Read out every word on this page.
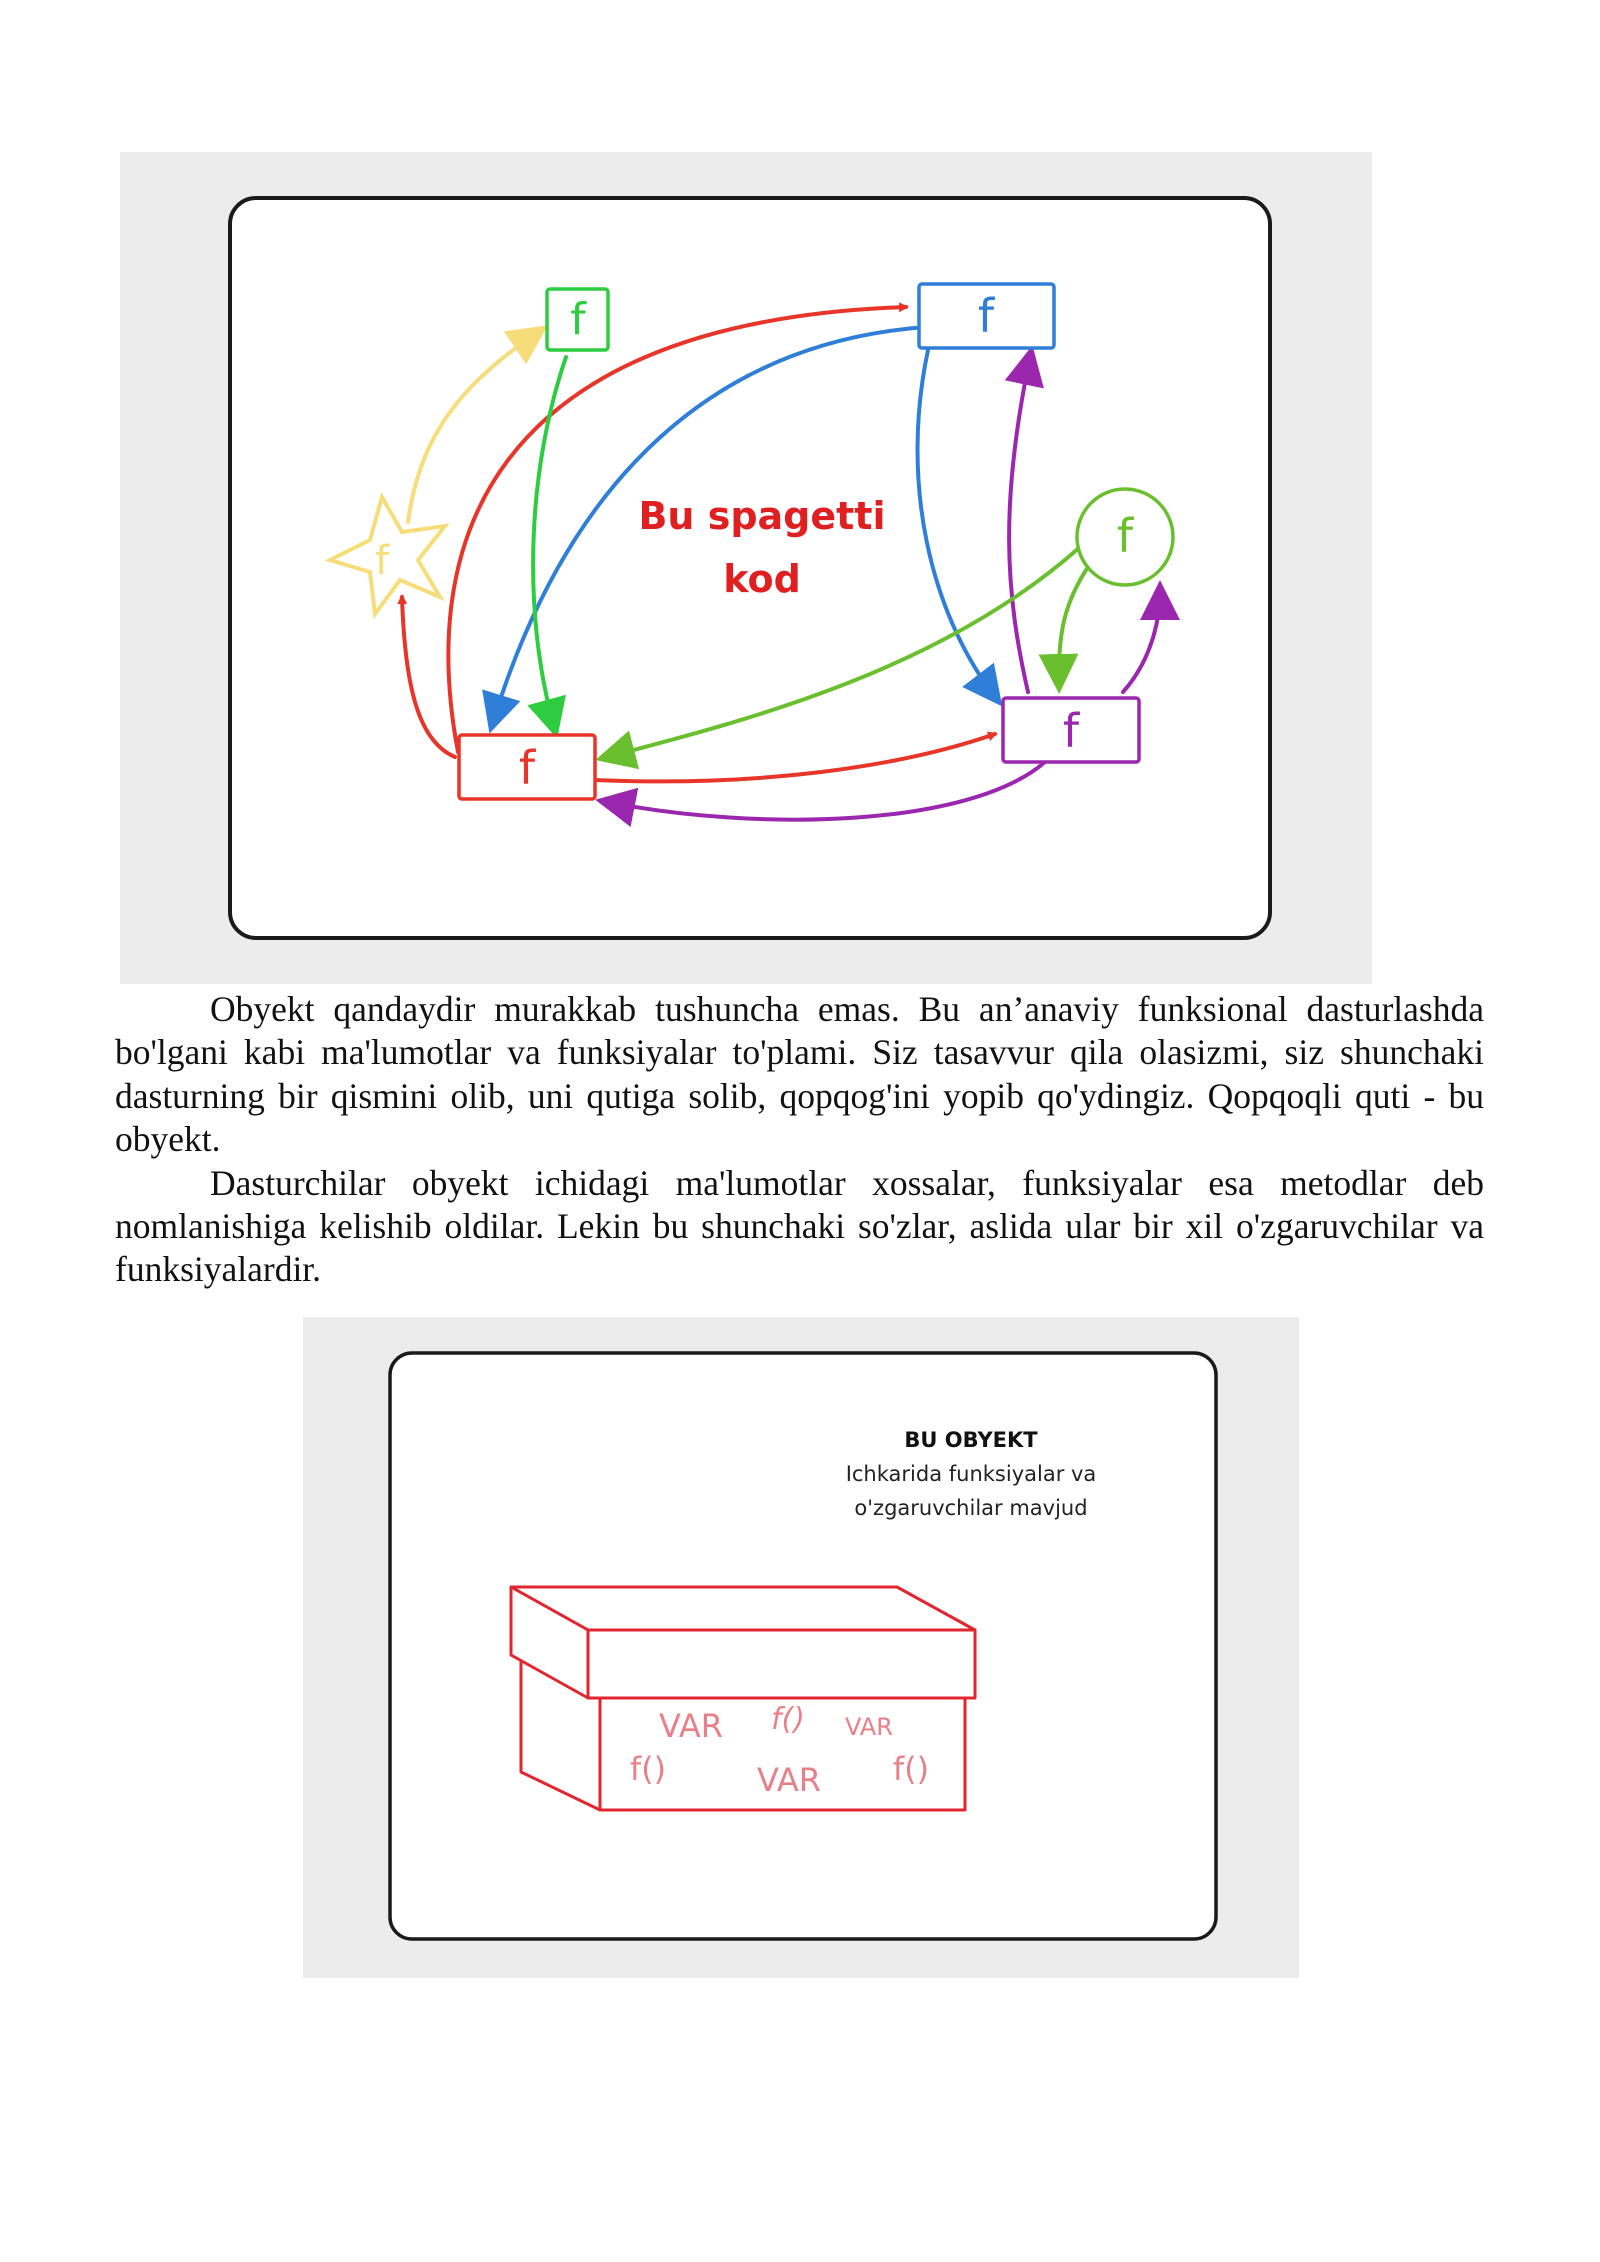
f
f	f
f
f
f
Bu spagetti
kod

Obyekt qandaydir murakkab tushuncha emas. Bu an’anaviy funksional dasturlashda bo'lgani kabi ma'lumotlar va funksiyalar to'plami. Siz tasavvur qila olasizmi, siz shunchaki dasturning bir qismini olib, uni qutiga solib, qopqog'ini yopib qo'ydingiz. Qopqoqli quti - bu obyekt.

Dasturchilar obyekt ichidagi ma'lumotlar xossalar, funksiyalar esa metodlar deb nomlanishiga kelishib oldilar. Lekin bu shunchaki so'zlar, aslida ular bir xil o'zgaruvchilar va funksiyalardir.

BU OBYEKT
Ichkarida funksiyalar va
o'zgaruvchilar mavjud
VAR f() VAR
f()	VAR f()
